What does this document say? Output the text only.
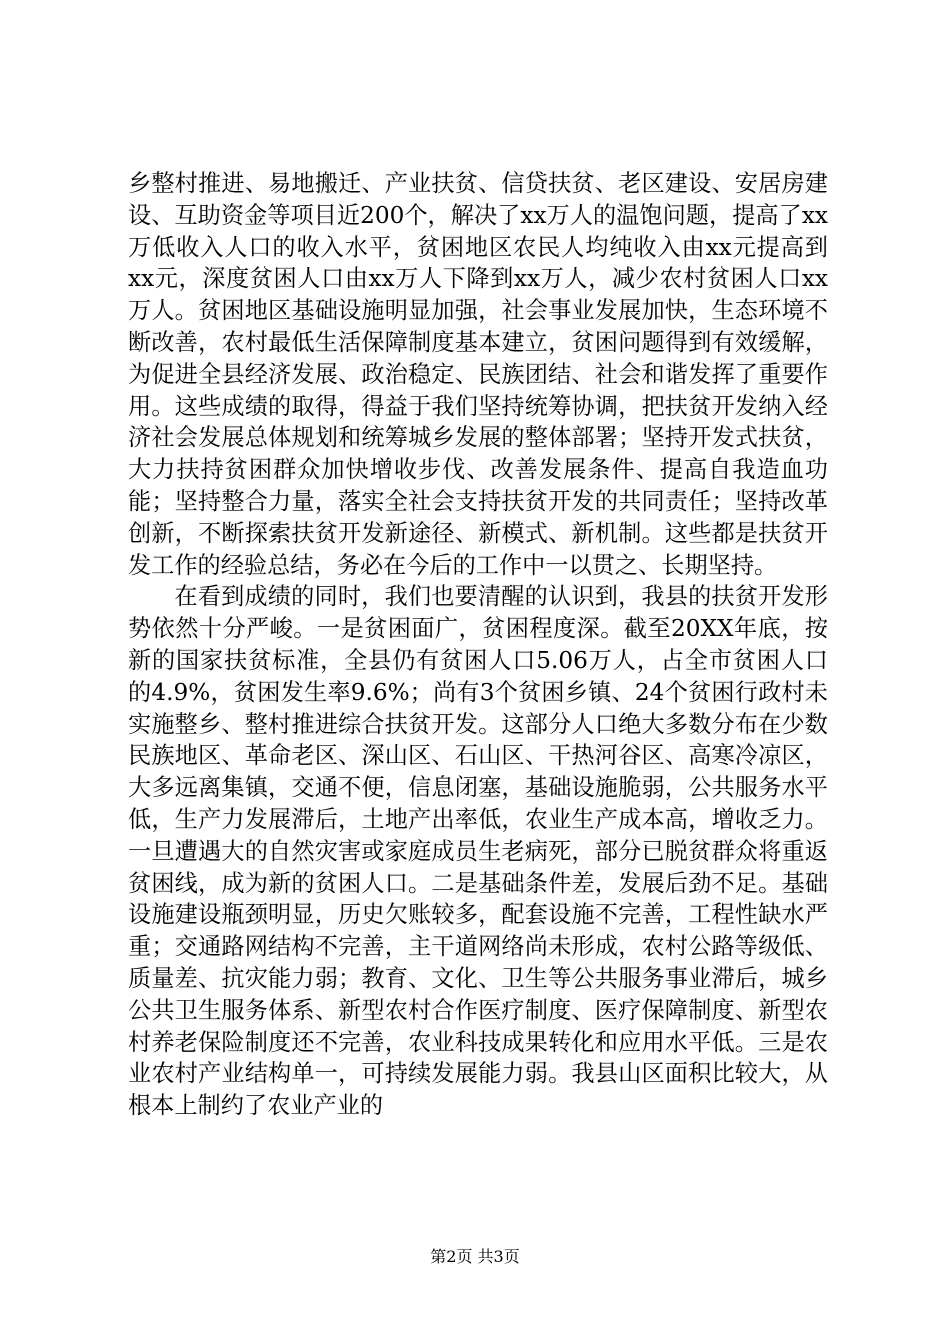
乡整村推进、易地搬迁、产业扶贫、信贷扶贫、老区建设、安居房建设、互助资金等项目近200个，解决了xx万人的温饱问题，提高了xx万低收入人口的收入水平，贫困地区农民人均纯收入由xx元提高到xx元，深度贫困人口由xx万人下降到xx万人，减少农村贫困人口xx万人。贫困地区基础设施明显加强，社会事业发展加快，生态环境不断改善，农村最低生活保障制度基本建立，贫困问题得到有效缓解，为促进全县经济发展、政治稳定、民族团结、社会和谐发挥了重要作用。这些成绩的取得，得益于我们坚持统筹协调，把扶贫开发纳入经济社会发展总体规划和统筹城乡发展的整体部署；坚持开发式扶贫，大力扶持贫困群众加快增收步伐、改善发展条件、提高自我造血功能；坚持整合力量，落实全社会支持扶贫开发的共同责任；坚持改革创新，不断探索扶贫开发新途径、新模式、新机制。这些都是扶贫开发工作的经验总结，务必在今后的工作中一以贯之、长期坚持。

在看到成绩的同时，我们也要清醒的认识到，我县的扶贫开发形势依然十分严峻。一是贫困面广，贫困程度深。截至20XX年底，按新的国家扶贫标准，全县仍有贫困人口5.06万人，占全市贫困人口的4.9%，贫困发生率9.6%；尚有3个贫困乡镇、24个贫困行政村未实施整乡、整村推进综合扶贫开发。这部分人口绝大多数分布在少数民族地区、革命老区、深山区、石山区、干热河谷区、高寒冷凉区，大多远离集镇，交通不便，信息闭塞，基础设施脆弱，公共服务水平低，生产力发展滞后，土地产出率低，农业生产成本高，增收乏力。一旦遭遇大的自然灾害或家庭成员生老病死，部分已脱贫群众将重返贫困线，成为新的贫困人口。二是基础条件差，发展后劲不足。基础设施建设瓶颈明显，历史欠账较多，配套设施不完善，工程性缺水严重；交通路网结构不完善，主干道网络尚未形成，农村公路等级低、质量差、抗灾能力弱；教育、文化、卫生等公共服务事业滞后，城乡公共卫生服务体系、新型农村合作医疗制度、医疗保障制度、新型农村养老保险制度还不完善，农业科技成果转化和应用水平低。三是农业农村产业结构单一，可持续发展能力弱。我县山区面积比较大，从根本上制约了农业产业的

第2页 共3页
